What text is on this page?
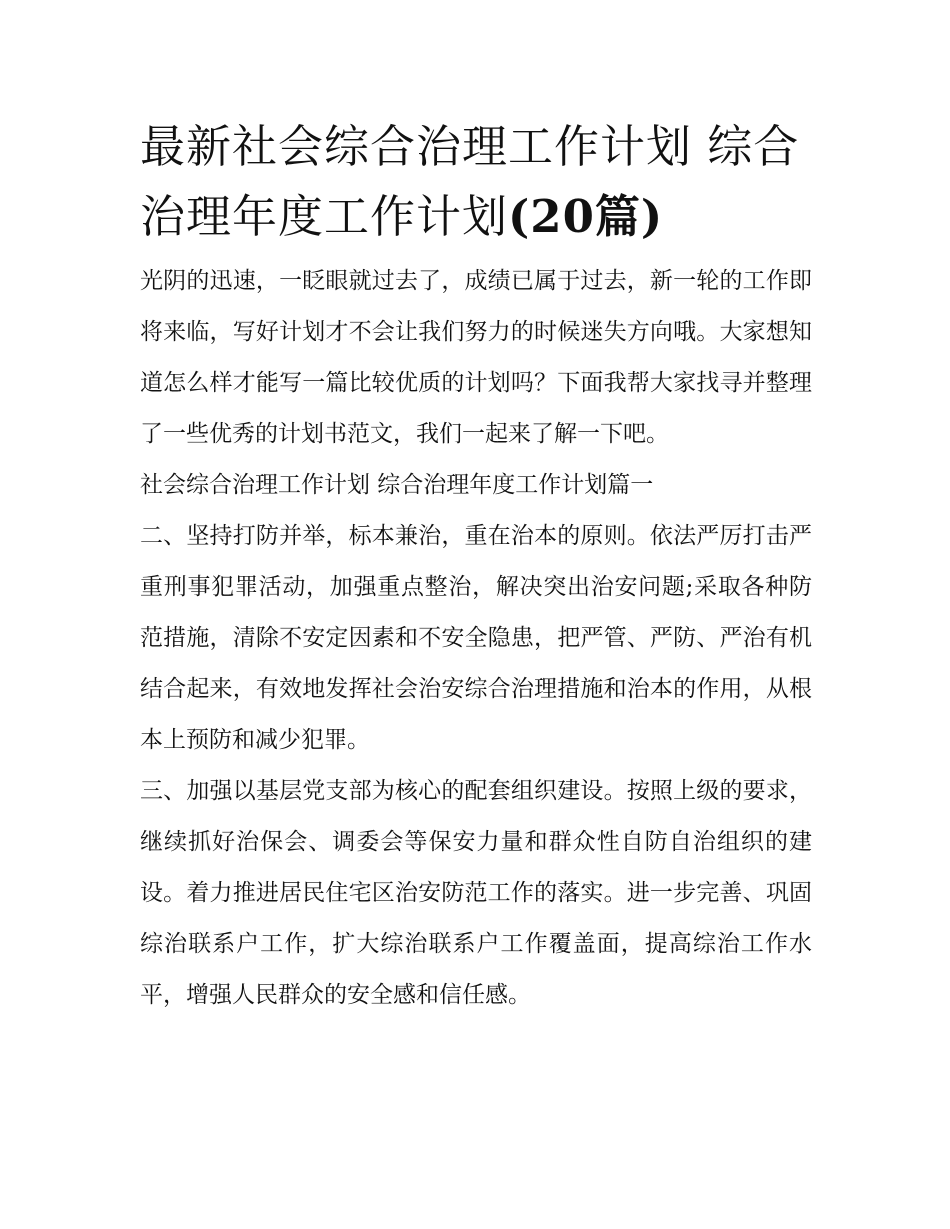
最新社会综合治理工作计划 综合治理年度工作计划(20篇)

光阴的迅速，一眨眼就过去了，成绩已属于过去，新一轮的工作即将来临，写好计划才不会让我们努力的时候迷失方向哦。大家想知道怎么样才能写一篇比较优质的计划吗？下面我帮大家找寻并整理了一些优秀的计划书范文，我们一起来了解一下吧。

社会综合治理工作计划 综合治理年度工作计划篇一

二、坚持打防并举，标本兼治，重在治本的原则。依法严厉打击严重刑事犯罪活动，加强重点整治，解决突出治安问题;采取各种防范措施，清除不安定因素和不安全隐患，把严管、严防、严治有机结合起来，有效地发挥社会治安综合治理措施和治本的作用，从根本上预防和减少犯罪。

三、加强以基层党支部为核心的配套组织建设。按照上级的要求，继续抓好治保会、调委会等保安力量和群众性自防自治组织的建设。着力推进居民住宅区治安防范工作的落实。进一步完善、巩固综治联系户工作，扩大综治联系户工作覆盖面，提高综治工作水平，增强人民群众的安全感和信任感。
